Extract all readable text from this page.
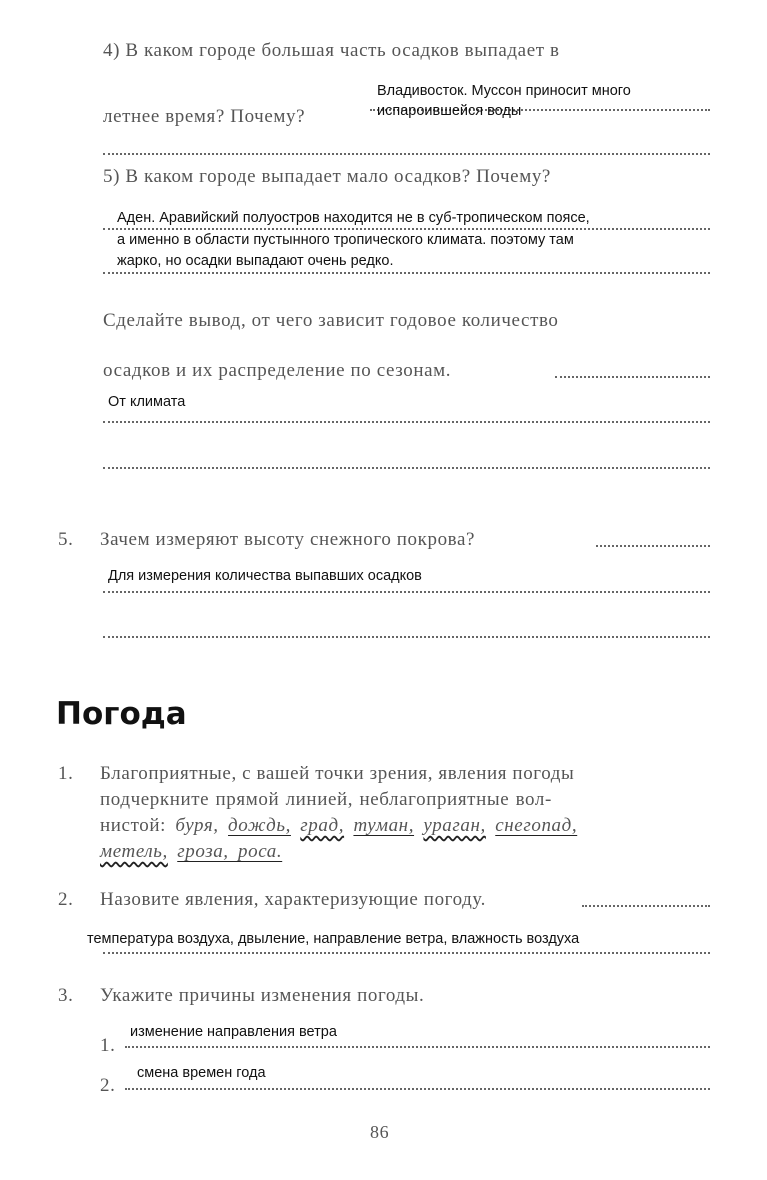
4) В каком городе большая часть осадков выпадает в
летнее время? Почему?
Владивосток. Муссон приносит много
испароившейся воды
5) В каком городе выпадает мало осадков? Почему?
Аден. Аравийский полуостров находится не в суб-тропическом поясе,
а именно в области пустынного тропического климата. поэтому там
жарко, но осадки выпадают очень редко.
Сделайте вывод, от чего зависит годовое количество
осадков и их распределение по сезонам.
От климата
5. Зачем измеряют высоту снежного покрова?
Для измерения количества выпавших осадков
Погода
1. Благоприятные, с вашей точки зрения, явления погоды
подчеркните прямой линией, неблагоприятные вол-
нистой: буря, дождь, град, туман, ураган, снегопад,
метель, гроза, роса.
2. Назовите явления, характеризующие погоду.
температура воздуха, двыление, направление ветра, влажность воздуха
3. Укажите причины изменения погоды.
1.
изменение направления ветра
2.
смена времен года
86
